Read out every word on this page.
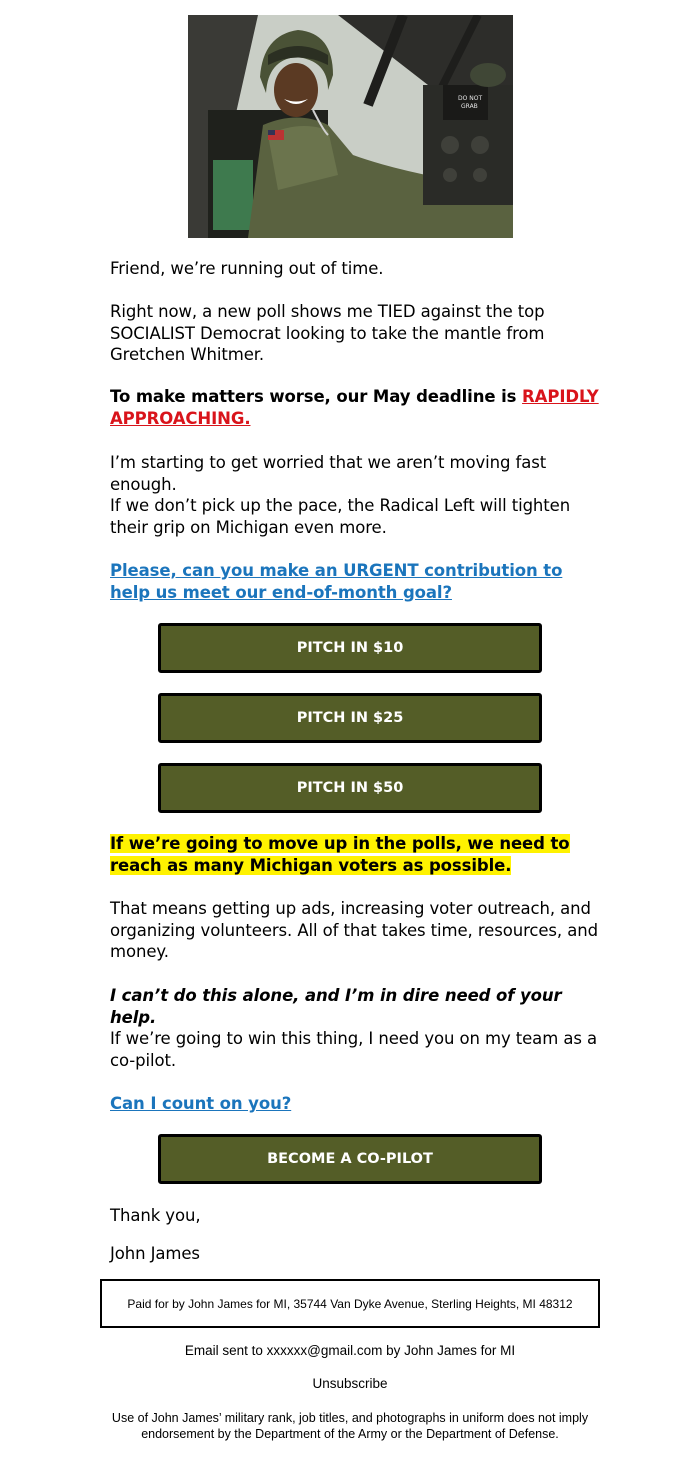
DO NOT
GRAB
Friend, we’re running out of time.
Right now, a new poll shows me TIED against the top SOCIALIST Democrat looking to take the mantle from Gretchen Whitmer.
To make matters worse, our May deadline is RAPIDLY APPROACHING.
I’m starting to get worried that we aren’t moving fast enough.
If we don’t pick up the pace, the Radical Left will tighten their grip on Michigan even more.
Please, can you make an URGENT contribution to help us meet our end-of-month goal?
PITCH IN $10
PITCH IN $25
PITCH IN $50
If we’re going to move up in the polls, we need to reach as many Michigan voters as possible.
That means getting up ads, increasing voter outreach, and organizing volunteers. All of that takes time, resources, and money.
I can’t do this alone, and I’m in dire need of your help.
If we’re going to win this thing, I need you on my team as a co-pilot.
Can I count on you?
BECOME A CO-PILOT
Thank you,
John James
Paid for by John James for MI, 35744 Van Dyke Avenue, Sterling Heights, MI 48312
Email sent to xxxxxx@gmail.com by John James for MI
Unsubscribe
Use of John James’ military rank, job titles, and photographs in uniform does not imply endorsement by the Department of the Army or the Department of Defense.
